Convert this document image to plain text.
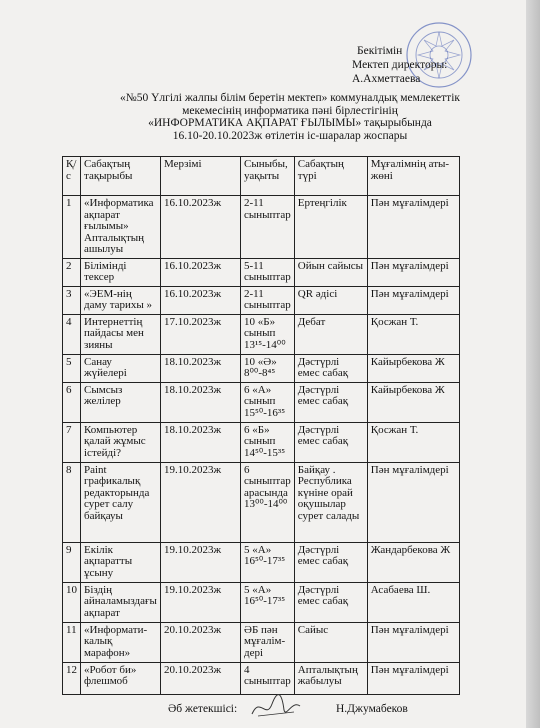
Бекітімін
Мектеп директоры:
А.Ахметтаева
«№50 Үлгілі жалпы білім беретін мектеп» коммуналдық мемлекеттік
мекемесінің информатика пәні бірлестігінің
«ИНФОРМАТИКА АҚПАРАТ ҒЫЛЫМЫ» тақырыбында
16.10-20.10.2023ж өтілетін іс-шаралар жоспары
Қ/с	Сабақтың тақырыбы	Мерзімі	Сыныбы, уақыты	Сабақтың түрі	Мұғалімнің аты-жөні
1	«Информатика ақпарат ғылымы» Апталықтың ашылуы	16.10.2023ж	2-11 сыныптар	Ертеңгілік	Пән мұғалімдері
2	Білімінді тексер	16.10.2023ж	5-11 сыныптар	Ойын сайысы	Пән мұғалімдері
3	«ЭЕМ-нің даму тарихы »	16.10.2023ж	2-11 сыныптар	QR әдісі	Пән мұғалімдері
4	Интернеттің пайдасы мен зияны	17.10.2023ж	10 «Б» сынып 13¹⁵-14⁰⁰	Дебат	Қосжан Т.
5	Санау жүйелері	18.10.2023ж	10 «Ә» 8⁰⁰-8⁴⁵	Дәстүрлі емес сабақ	Кайырбекова Ж
6	Сымсыз желілер	18.10.2023ж	6 «А» сынып 15⁵⁰-16³⁵	Дәстүрлі емес сабақ	Кайырбекова Ж
7	Компьютер қалай жұмыс істейді?	18.10.2023ж	6 «Б» сынып 14⁵⁰-15³⁵	Дәстүрлі емес сабақ	Қосжан Т.
8	Paint графикалық редакторында сурет салу байқауы	19.10.2023ж	6 сыныптар арасында 13⁰⁰-14⁰⁰	Байқау . Республика күніне орай оқушылар сурет салады	Пән мұғалімдері
9	Екілік ақпаратты ұсыну	19.10.2023ж	5 «А» 16⁵⁰-17³⁵	Дәстүрлі емес сабақ	Жандарбекова Ж
10	Біздің айналамыздағы ақпарат	19.10.2023ж	5 «А» 16⁵⁰-17³⁵	Дәстүрлі емес сабақ	Асабаева Ш.
11	«Информати-калық марафон»	20.10.2023ж	ӘБ пән мұғалім-дері	Сайыс	Пән мұғалімдері
12	«Робот би» флешмоб	20.10.2023ж	4 сыныптар	Апталықтың жабылуы	Пән мұғалімдері
Әб жетекшісі:	Н.Джумабеков
